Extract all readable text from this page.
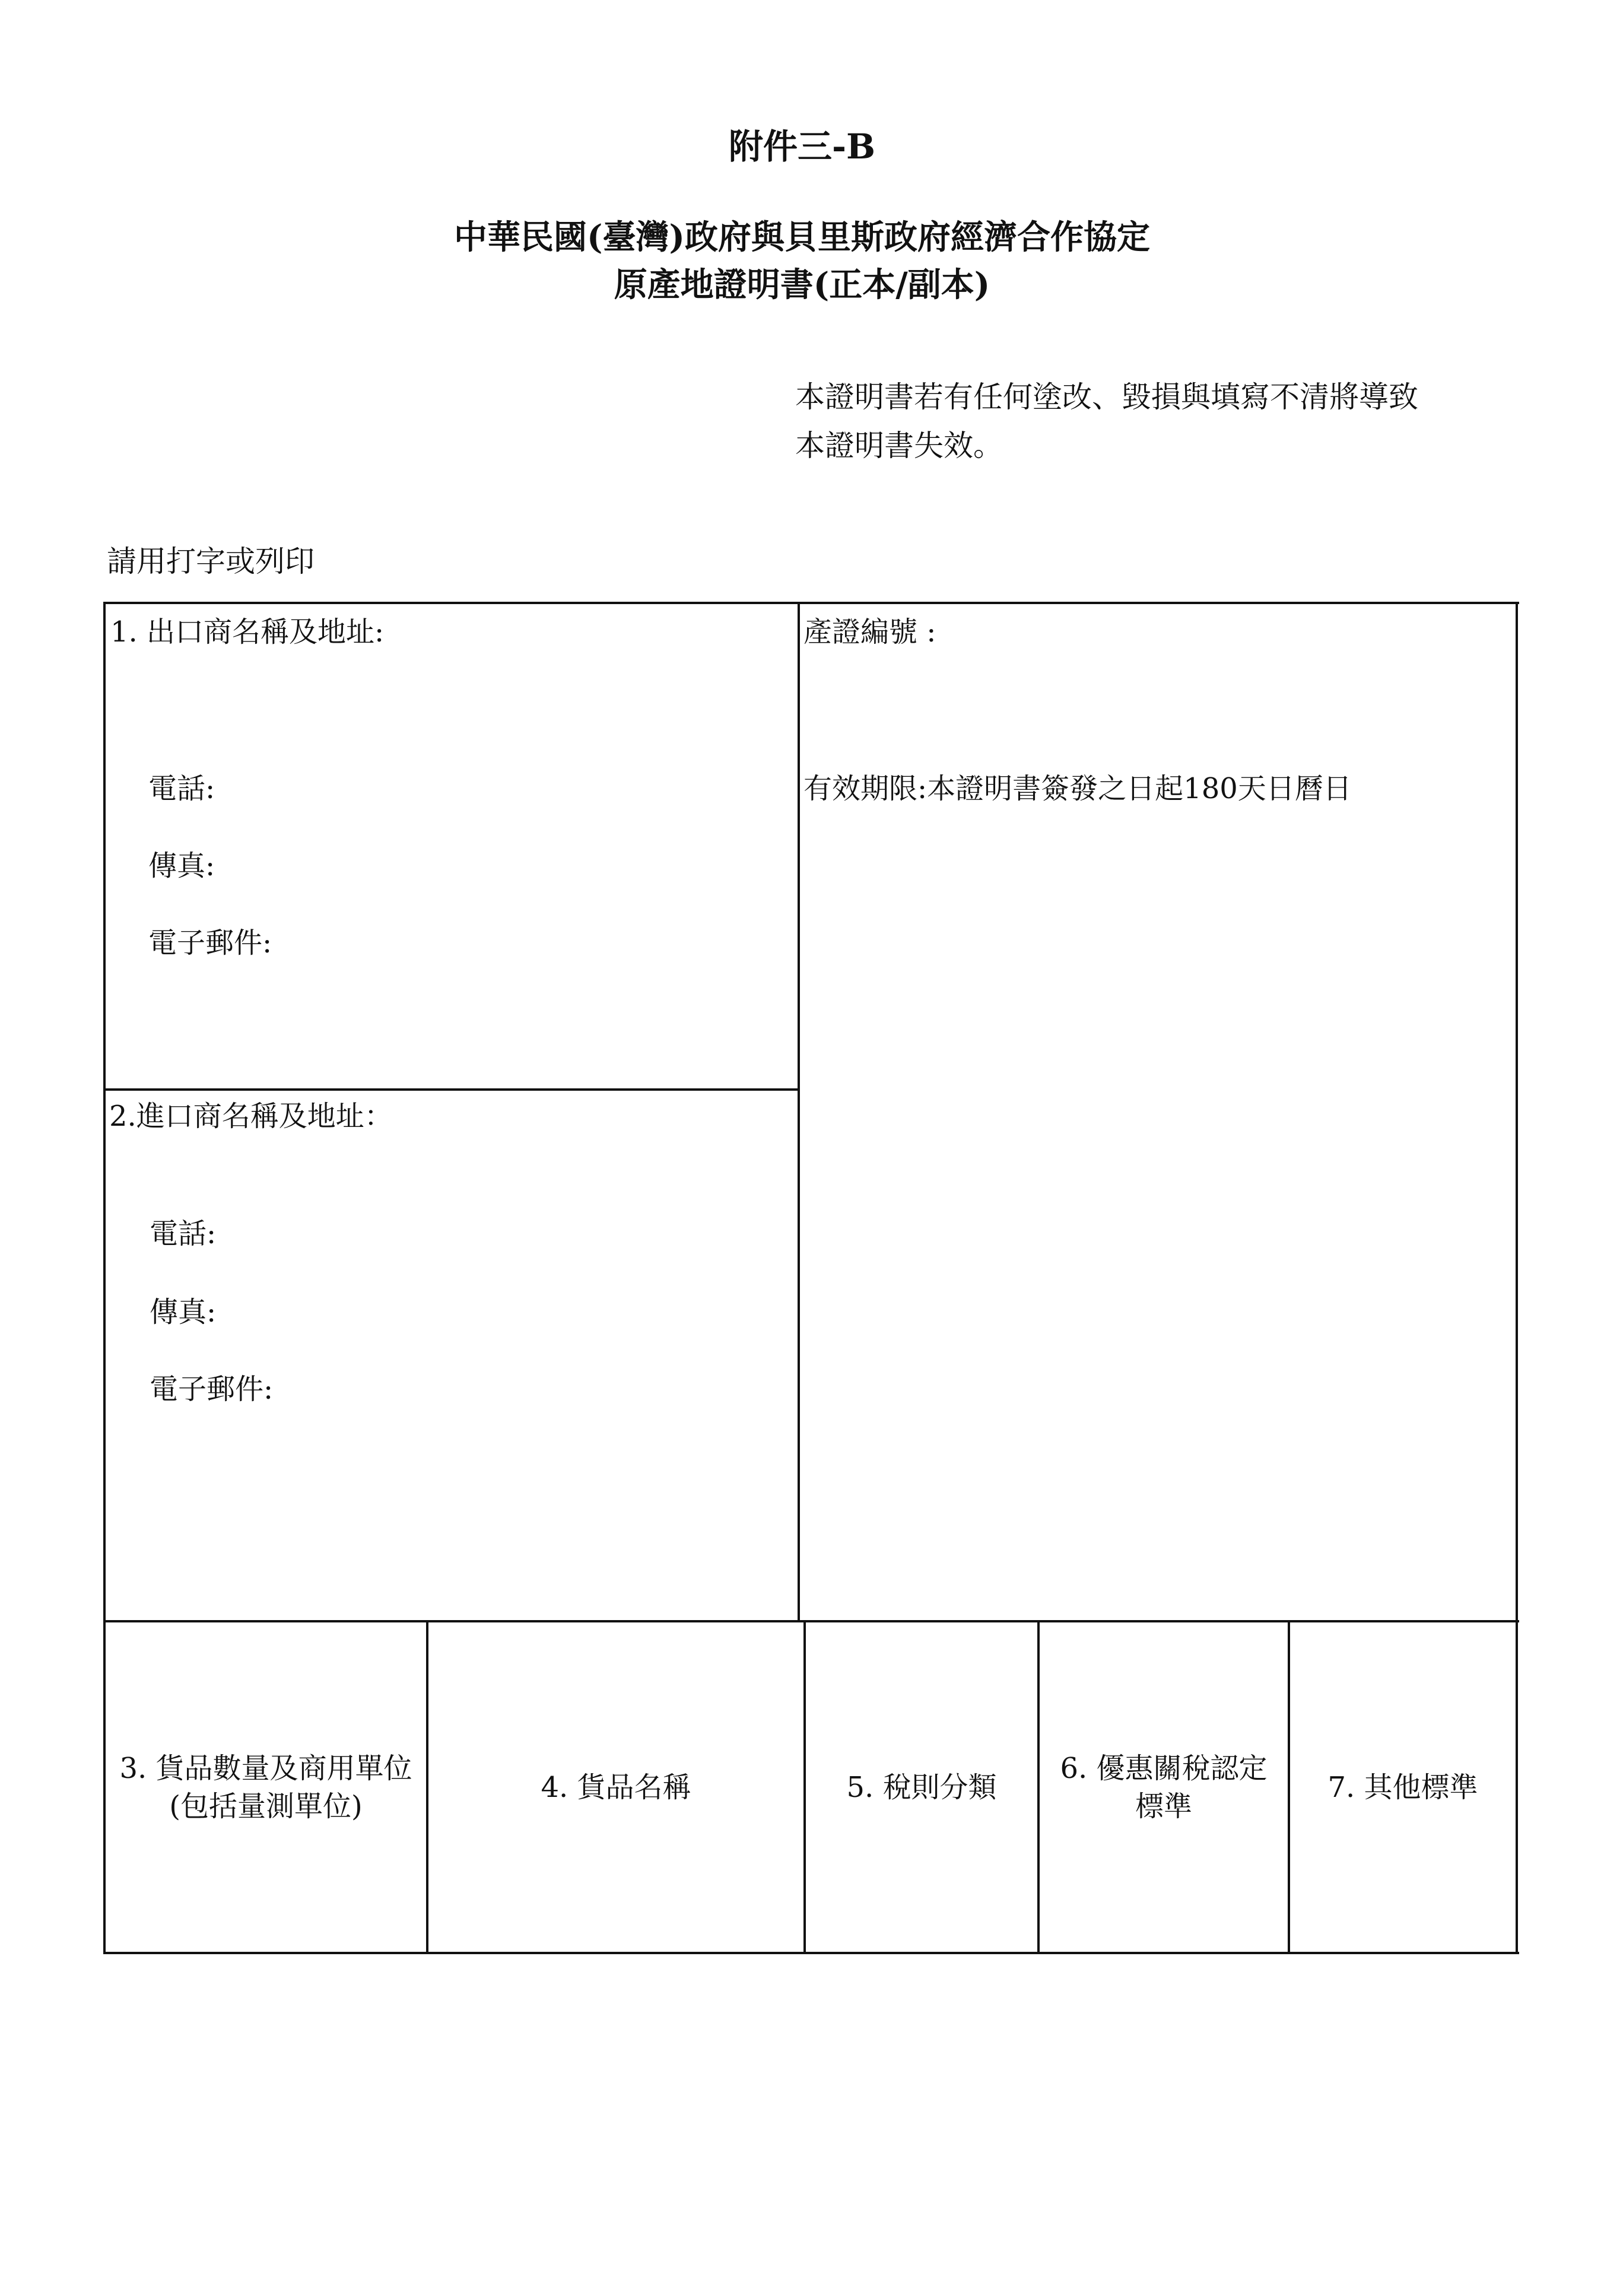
附件三-B
中華民國(臺灣)政府與貝里斯政府經濟合作協定
原產地證明書(正本/副本)
本證明書若有任何塗改、毀損與填寫不清將導致
本證明書失效。
請用打字或列印
1. 出口商名稱及地址:
電話:
傳真:
電子郵件:
2.進口商名稱及地址：
電話:
傳真:
電子郵件:
產證編號 :
有效期限:本證明書簽發之日起180天日曆日
3. 貨品數量及商用單位
(包括量測單位)
4. 貨品名稱	5. 稅則分類
6. 優惠關稅認定
標準
7. 其他標準
